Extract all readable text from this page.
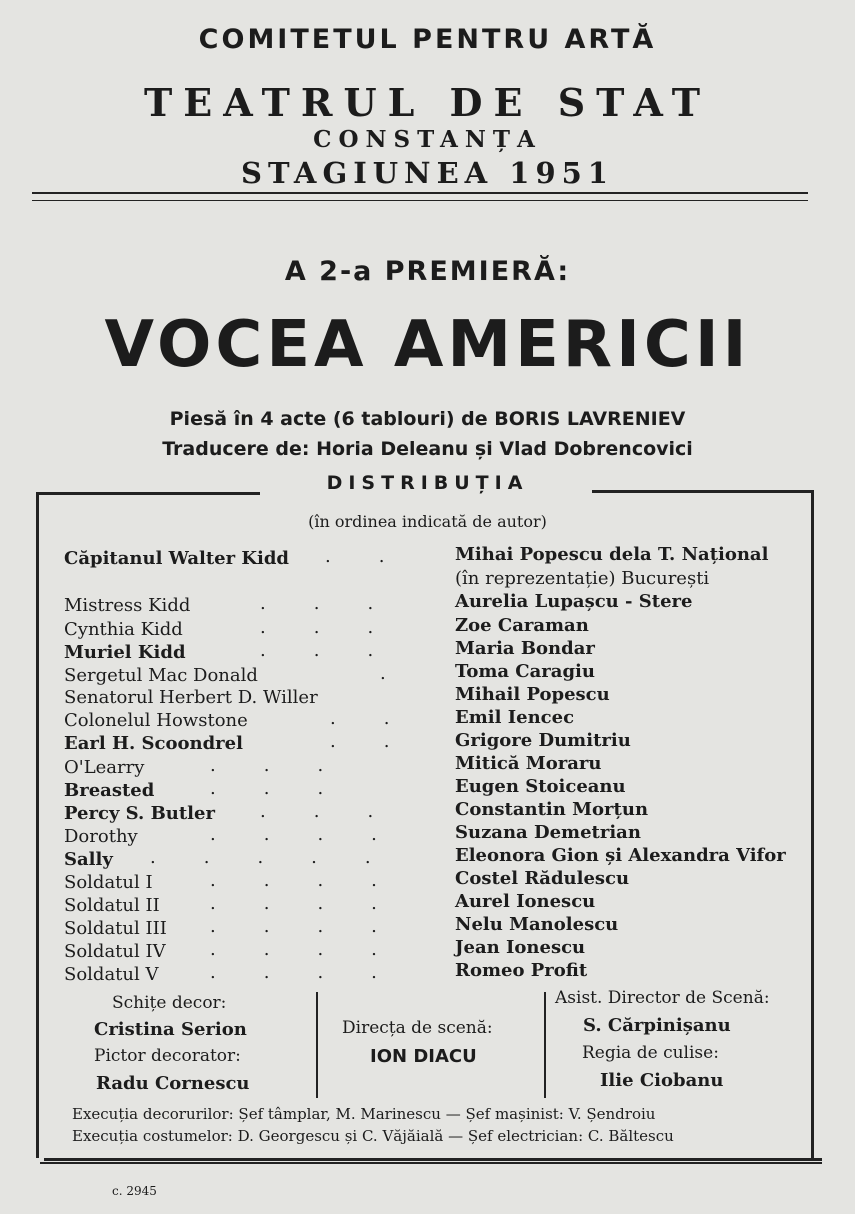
COMITETUL PENTRU ARTĂ
TEATRUL DE STAT
CONSTANȚA
STAGIUNEA 1951
A 2-a PREMIERĂ:
VOCEA AMERICII
Piesă în 4 acte (6 tablouri) de BORIS LAVRENIEV
Traducere de: Horia Deleanu și Vlad Dobrencovici
DISTRIBUȚIA
(în ordinea indicată de autor)
Căpitanul Walter Kidd ..	Mihai Popescu dela T. Național
(în reprezentație) București
Mistress Kidd	...	Aurelia Lupașcu - Stere
Cynthia Kidd	...	Zoe Caraman
Muriel Kidd	...	Maria Bondar
Sergetul Mac Donald	.	Toma Caragiu
Senatorul Herbert D. Willer	Mihail Popescu
Colonelul Howstone	.. Emil Iencec
Earl H. Scoondrel	.. Grigore Dumitriu
O'Learry	...	Mitică Moraru
Breasted	...	Eugen Stoiceanu
Percy S. Butler	...	Constantin Morțun
Dorothy	.... Suzana Demetrian
Sally ..... Eleonora Gion și Alexandra Vifor
Soldatul I	.... Costel Rădulescu
Soldatul II	.... Aurel Ionescu
Soldatul III .... Nelu Manolescu
Soldatul IV .... Jean Ionescu
Soldatul V	.... Romeo Profit
Schițe decor:
Cristina Serion
Pictor decorator:
Radu Cornescu
Direcța de scenă:
ION DIACU
Asist. Director de Scenă:
S. Cărpinișanu
Regia de culise:
Ilie Ciobanu
Execuția decorurilor: Șef tâmplar, M. Marinescu — Șef mașinist: V. Șendroiu
Execuția costumelor: D. Georgescu și C. Văjăială — Șef electrician: C. Băltescu
c. 2945
